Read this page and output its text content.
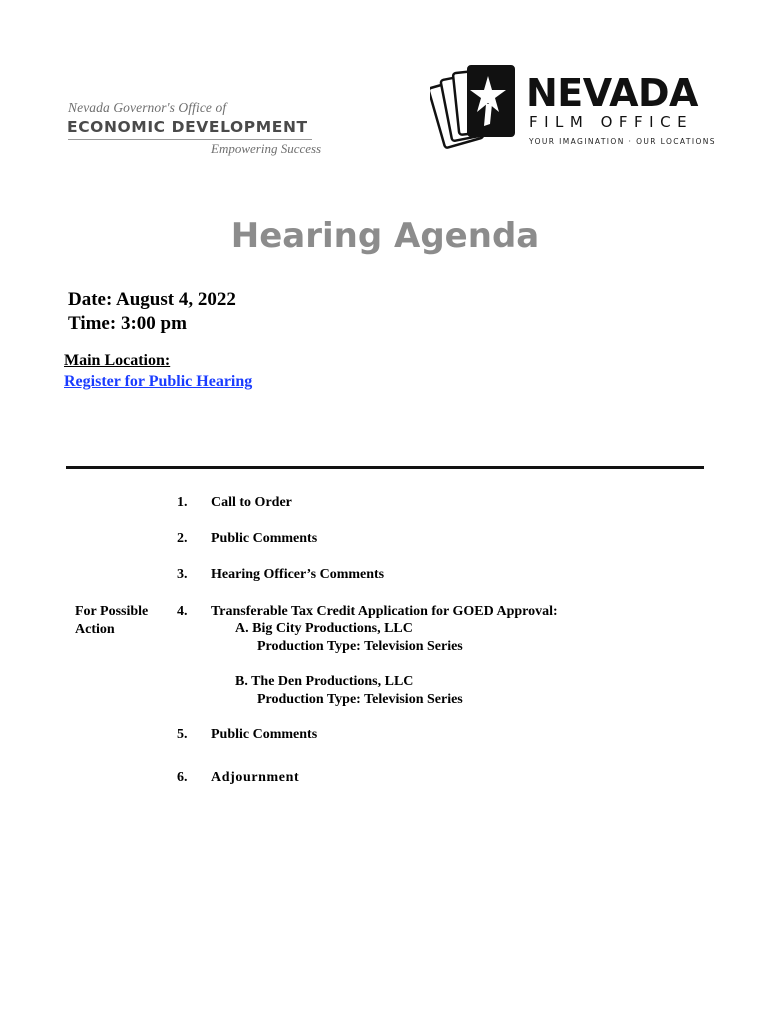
Nevada Governor's Office of
ECONOMIC DEVELOPMENT
Empowering Success
NEVADA
FILM OFFICE
YOUR IMAGINATION · OUR LOCATIONS
Hearing Agenda
Date: August 4, 2022
Time: 3:00 pm
Main Location:
Register for Public Hearing
1. Call to Order
2. Public Comments
3. Hearing Officer’s Comments
For Possible
Action
4. Transferable Tax Credit Application for GOED Approval:
A. Big City Productions, LLC
Production Type: Television Series
B. The Den Productions, LLC
Production Type: Television Series
5. Public Comments
6. Adjournment
